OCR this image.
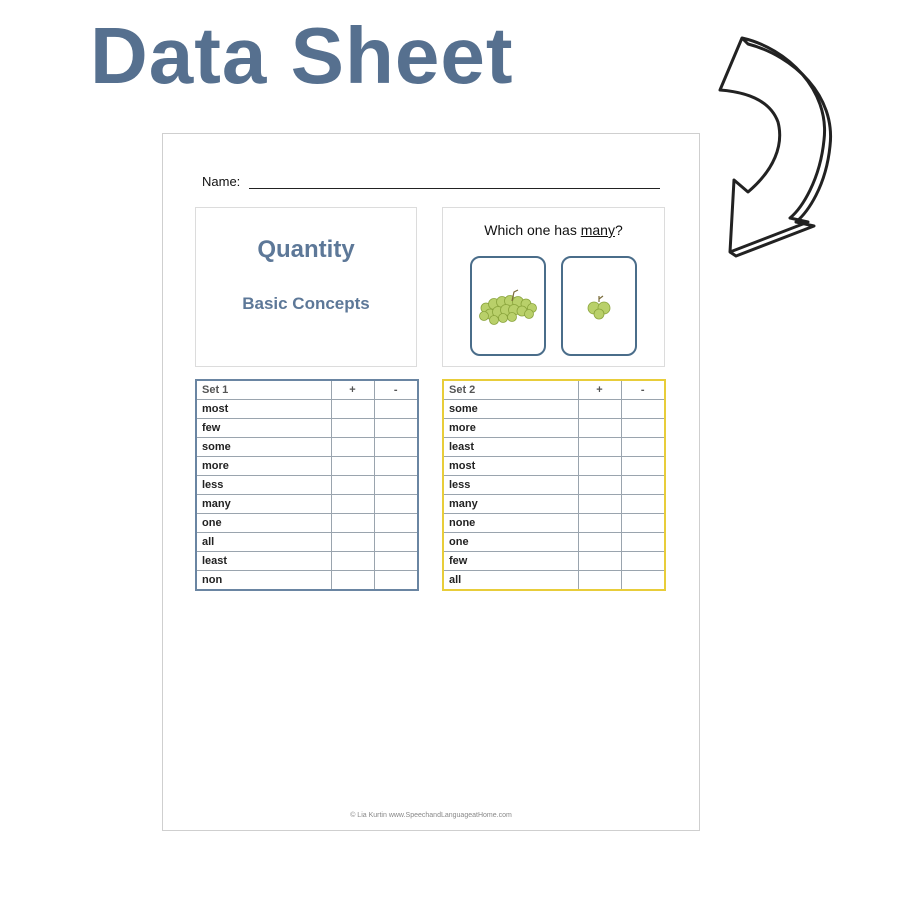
Data Sheet
Name:
Quantity
Basic Concepts
Which one has many?
Set 1	+	-
most		
few		
some		
more		
less		
many		
one		
all		
least		
non		
Set 2	+	-
some		
more		
least		
most		
less		
many		
none		
one		
few		
all		
© Lia Kurtin www.SpeechandLanguageatHome.com
